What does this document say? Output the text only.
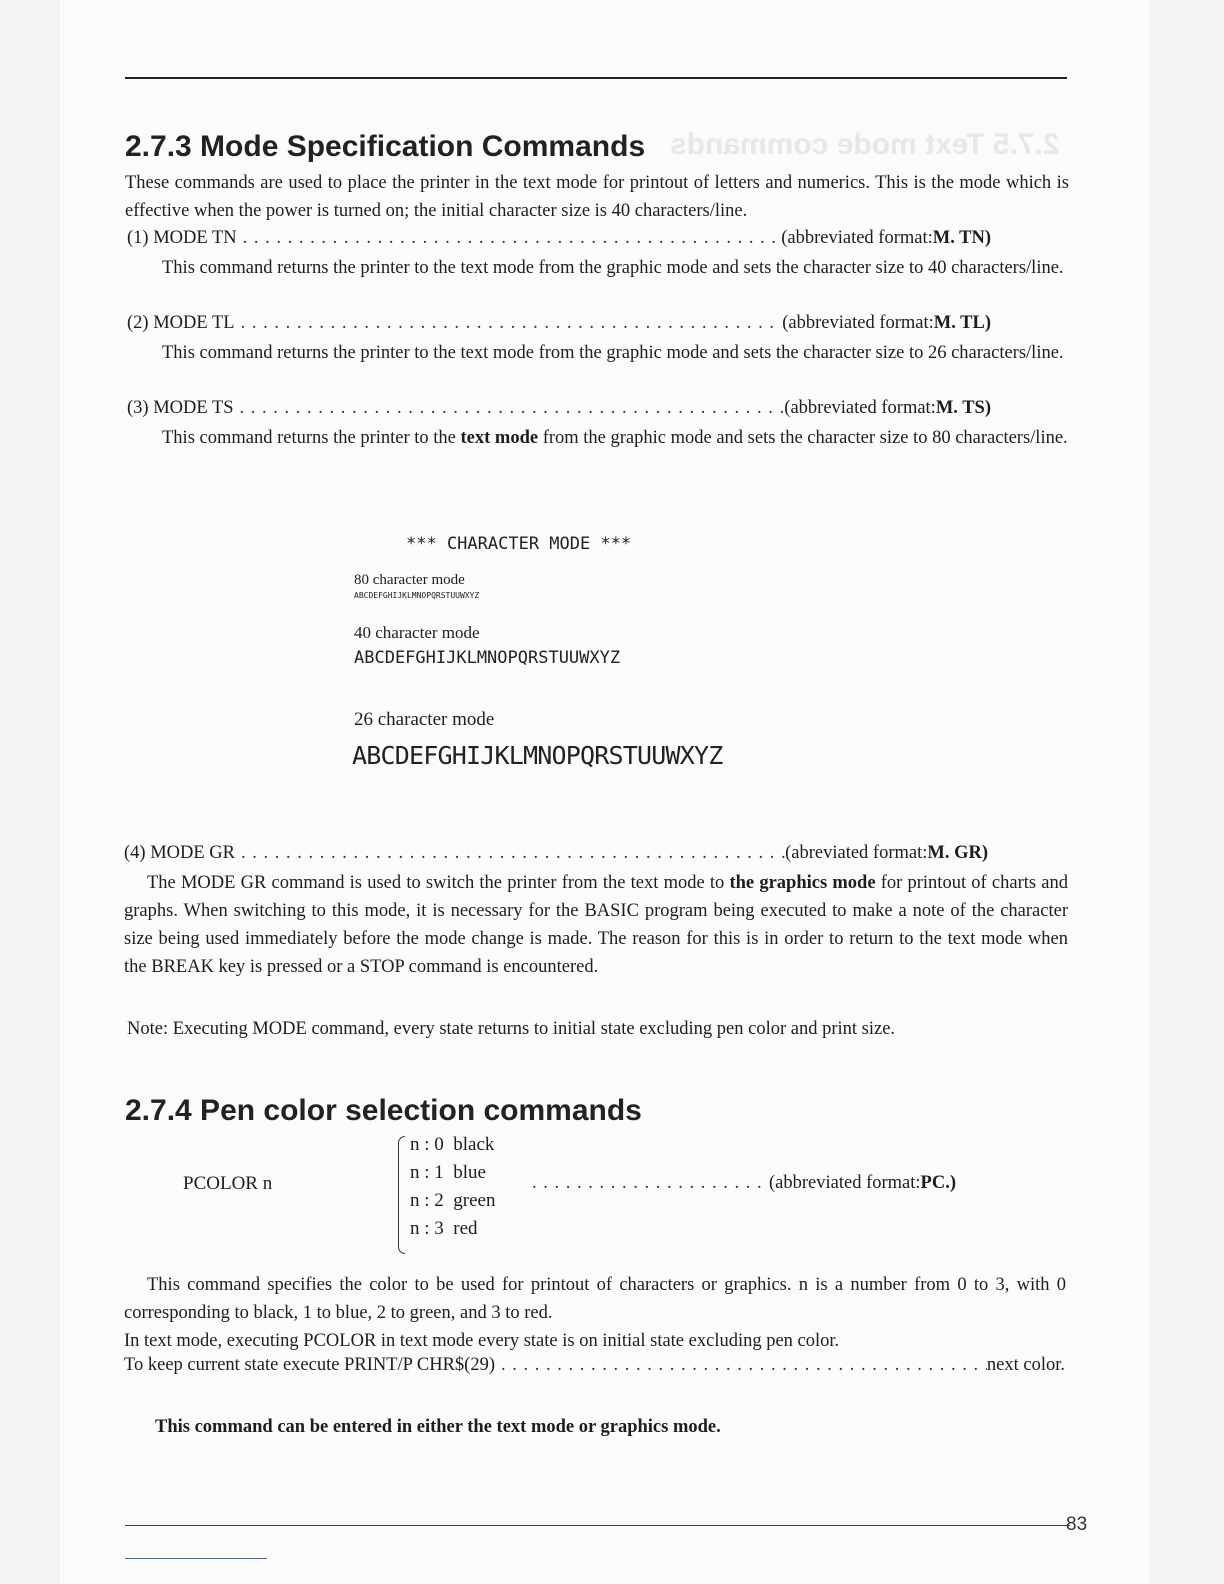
2.7.5 Text mode commands
2.7.3 Mode Specification Commands
These commands are used to place the printer in the text mode for printout of letters and numerics. This is the mode which is effective when the power is turned on; the initial character size is 40 characters/line.
(1) MODE TN . . .	(abbreviated format: M. TN)
This command returns the printer to the text mode from the graphic mode and sets the character size to 40 characters/line.
(2) MODE TL . . .	(abbreviated format: M. TL)
This command returns the printer to the text mode from the graphic mode and sets the character size to 26 characters/line.
(3) MODE TS . . .	(abbreviated format: M. TS)
This command returns the printer to the text mode from the graphic mode and sets the character size to 80 characters/line.
*** CHARACTER MODE ***
80 character mode
ABCDEFGHIJKLMNOPQRSTUUWXYZ
40 character mode
ABCDEFGHIJKLMNOPQRSTUUWXYZ
26 character mode
ABCDEFGHIJKLMNOPQRSTUUWXYZ
(4) MODE GR . . .	(abreviated format: M. GR)
The MODE GR command is used to switch the printer from the text mode to the graphics mode for printout of charts and graphs. When switching to this mode, it is necessary for the BASIC program being executed to make a note of the character size being used immediately before the mode change is made. The reason for this is in order to return to the text mode when the BREAK key is pressed or a STOP command is encountered.
Note: Executing MODE command, every state returns to initial state excluding pen color and print size.
2.7.4 Pen color selection commands
PCOLOR n
n : 0 black
n : 1 blue
n : 2 green
n : 3 red
. . .
(abbreviated format: PC.)
This command specifies the color to be used for printout of characters or graphics. n is a number from 0 to 3, with 0 corresponding to black, 1 to blue, 2 to green, and 3 to red.
In text mode, executing PCOLOR in text mode every state is on initial state excluding pen color.
To keep current state execute PRINT/P CHR$(29) . . .	next color.
This command can be entered in either the text mode or graphics mode.
83
